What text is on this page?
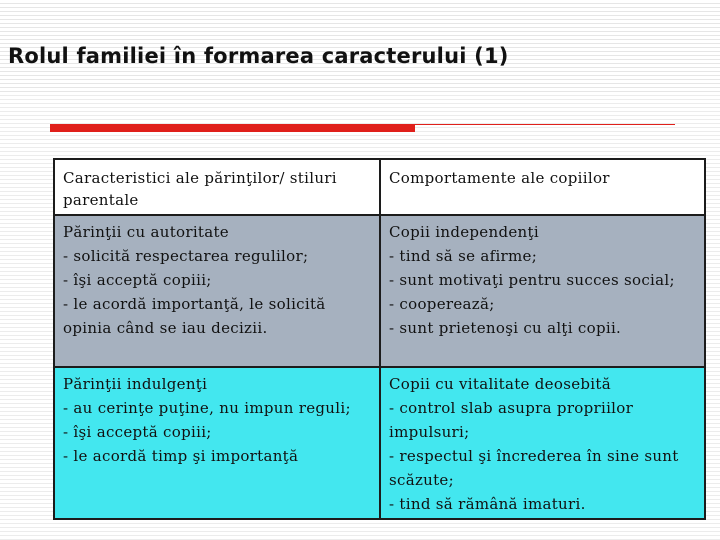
Rolul familiei în formarea caracterului (1)
Caracteristici ale părinţilor/ stiluri
parentale
Comportamente ale copiilor
Părinţii cu autoritate
- solicită respectarea regulilor;
- îşi acceptă copiii;
- le acordă importanţă, le solicită
opinia când se iau decizii.
Copii independenţi
- tind să se afirme;
- sunt motivaţi pentru succes social;
- cooperează;
- sunt prietenoşi cu alţi copii.
Părinţii indulgenţi
- au cerinţe puţine, nu impun reguli;
- îşi acceptă copiii;
- le acordă timp şi importanţă
Copii cu vitalitate deosebită
- control slab asupra propriilor
impulsuri;
- respectul şi încrederea în sine sunt
scăzute;
- tind să rămână imaturi.
